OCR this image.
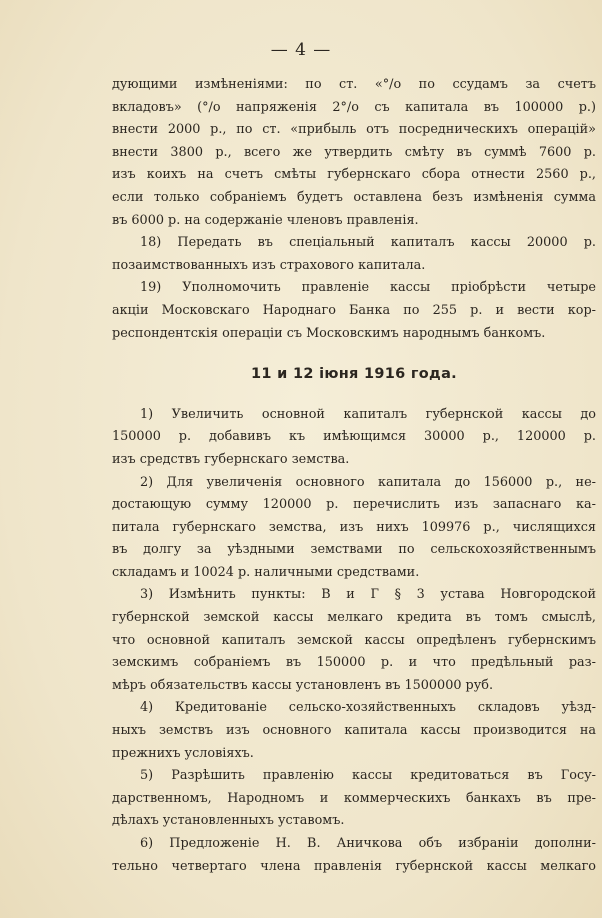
— 4 —
дующими измѣненіями: по ст. «°/о по ссудамъ за счетъ
вкладовъ» (°/о напряженія 2°/о съ капитала въ 100000 р.)
внести 2000 р., по ст. «прибыль отъ посредническихъ операцій»
внести 3800 р., всего же утвердить смѣту въ суммѣ 7600 р.
изъ коихъ на счетъ смѣты губернскаго сбора отнести 2560 р.,
если только собраніемъ будетъ оставлена безъ измѣненія сумма
въ 6000 р. на содержаніе членовъ правленія.
18) Передать въ спеціальный капиталъ кассы 20000 р.
позаимствованныхъ изъ страхового капитала.
19) Уполномочить правленіе кассы пріобрѣсти четыре
акціи Московскаго Народнаго Банка по 255 р. и вести кор-
респондентскія операціи съ Московскимъ народнымъ банкомъ.
11 и 12 іюня 1916 года.
1) Увеличить основной капиталъ губернской кассы до
150000 р. добавивъ къ имѣющимся 30000 р., 120000 р.
изъ средствъ губернскаго земства.
2) Для увеличенія основного капитала до 156000 р., не-
достающую сумму 120000 р. перечислить изъ запаснаго ка-
питала губернскаго земства, изъ нихъ 109976 р., числящихся
въ долгу за уѣздными земствами по сельскохозяйственнымъ
складамъ и 10024 р. наличными средствами.
3) Измѣнить пункты: В и Г § 3 устава Новгородской
губернской земской кассы мелкаго кредита въ томъ смыслѣ,
что основной капиталъ земской кассы опредѣленъ губернскимъ
земскимъ собраніемъ въ 150000 р. и что предѣльный раз-
мѣръ обязательствъ кассы установленъ въ 1500000 руб.
4) Кредитованіе сельско-хозяйственныхъ складовъ уѣзд-
ныхъ земствъ изъ основного капитала кассы производится на
прежнихъ условіяхъ.
5) Разрѣшить правленію кассы кредитоваться въ Госу-
дарственномъ, Народномъ и коммерческихъ банкахъ въ пре-
дѣлахъ установленныхъ уставомъ.
6) Предложеніе Н. В. Аничкова объ избраніи дополни-
тельно четвертаго члена правленія губернской кассы мелкаго
